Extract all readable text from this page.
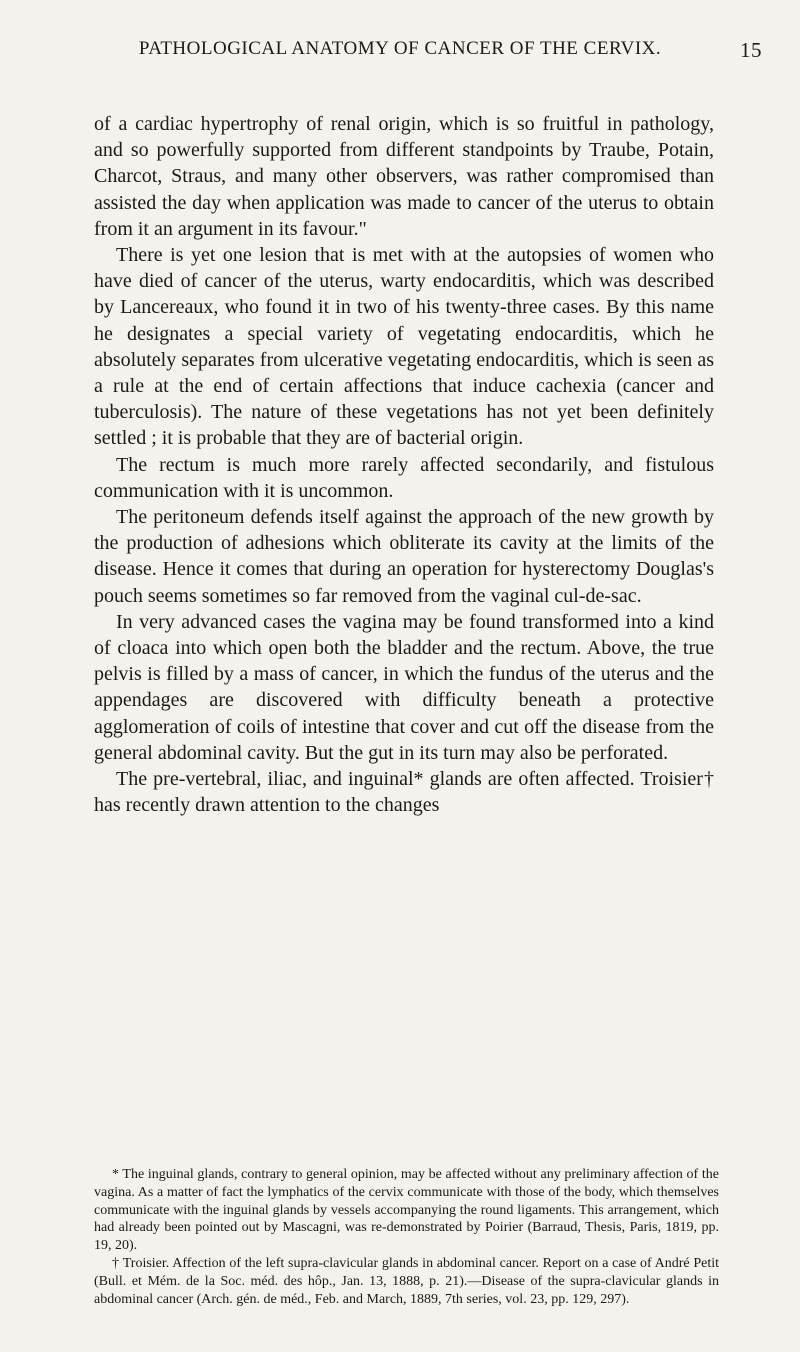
PATHOLOGICAL ANATOMY OF CANCER OF THE CERVIX.	15

of a cardiac hypertrophy of renal origin, which is so fruitful in pathology, and so powerfully supported from different standpoints by Traube, Potain, Charcot, Straus, and many other observers, was rather compromised than assisted the day when application was made to cancer of the uterus to obtain from it an argument in its favour."

There is yet one lesion that is met with at the autopsies of women who have died of cancer of the uterus, warty endocarditis, which was described by Lancereaux, who found it in two of his twenty-three cases. By this name he designates a special variety of vegetating endocarditis, which he absolutely separates from ulcerative vegetating endocarditis, which is seen as a rule at the end of certain affections that induce cachexia (cancer and tuberculosis). The nature of these vegetations has not yet been definitely settled ; it is probable that they are of bacterial origin.

The rectum is much more rarely affected secondarily, and fistulous communication with it is uncommon.

The peritoneum defends itself against the approach of the new growth by the production of adhesions which obliterate its cavity at the limits of the disease. Hence it comes that during an operation for hysterectomy Douglas's pouch seems sometimes so far removed from the vaginal cul-de-sac.

In very advanced cases the vagina may be found transformed into a kind of cloaca into which open both the bladder and the rectum. Above, the true pelvis is filled by a mass of cancer, in which the fundus of the uterus and the appendages are discovered with difficulty beneath a protective agglomeration of coils of intestine that cover and cut off the disease from the general abdominal cavity. But the gut in its turn may also be perforated.

The pre-vertebral, iliac, and inguinal* glands are often affected. Troisier† has recently drawn attention to the changes

* The inguinal glands, contrary to general opinion, may be affected without any preliminary affection of the vagina. As a matter of fact the lymphatics of the cervix communicate with those of the body, which themselves communicate with the inguinal glands by vessels accompanying the round ligaments. This arrangement, which had already been pointed out by Mascagni, was re-demonstrated by Poirier (Barraud, Thesis, Paris, 1819, pp. 19, 20).

† Troisier. Affection of the left supra-clavicular glands in abdominal cancer. Report on a case of André Petit (Bull. et Mém. de la Soc. méd. des hôp., Jan. 13, 1888, p. 21).—Disease of the supra-clavicular glands in abdominal cancer (Arch. gén. de méd., Feb. and March, 1889, 7th series, vol. 23, pp. 129, 297).
